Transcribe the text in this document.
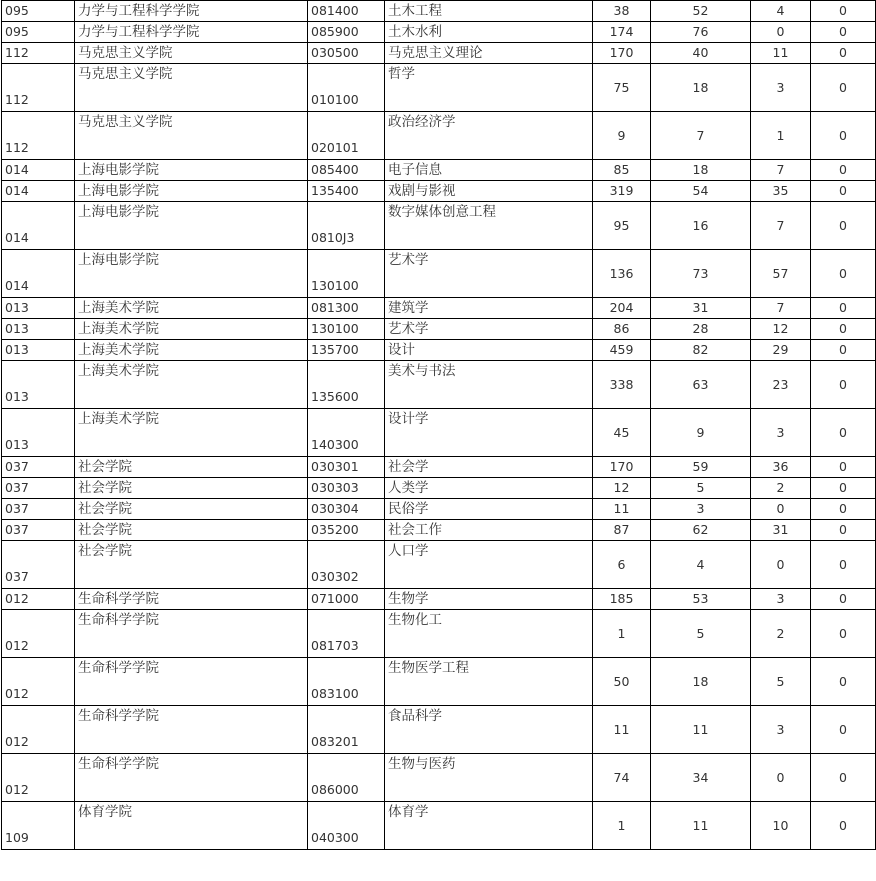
095	力学与工程科学学院	081400	土木工程	38	52	4	0
095	力学与工程科学学院	085900	土木水利	174	76	0	0
112	马克思主义学院	030500	马克思主义理论	170	40	11	0
112	马克思主义学院	010100	哲学	75	18	3	0
112	马克思主义学院	020101	政治经济学	9	7	1	0
014	上海电影学院	085400	电子信息	85	18	7	0
014	上海电影学院	135400	戏剧与影视	319	54	35	0
014	上海电影学院	0810J3	数字媒体创意工程	95	16	7	0
014	上海电影学院	130100	艺术学	136	73	57	0
013	上海美术学院	081300	建筑学	204	31	7	0
013	上海美术学院	130100	艺术学	86	28	12	0
013	上海美术学院	135700	设计	459	82	29	0
013	上海美术学院	135600	美术与书法	338	63	23	0
013	上海美术学院	140300	设计学	45	9	3	0
037	社会学院	030301	社会学	170	59	36	0
037	社会学院	030303	人类学	12	5	2	0
037	社会学院	030304	民俗学	11	3	0	0
037	社会学院	035200	社会工作	87	62	31	0
037	社会学院	030302	人口学	6	4	0	0
012	生命科学学院	071000	生物学	185	53	3	0
012	生命科学学院	081703	生物化工	1	5	2	0
012	生命科学学院	083100	生物医学工程	50	18	5	0
012	生命科学学院	083201	食品科学	11	11	3	0
012	生命科学学院	086000	生物与医药	74	34	0	0
109	体育学院	040300	体育学	1	11	10	0
